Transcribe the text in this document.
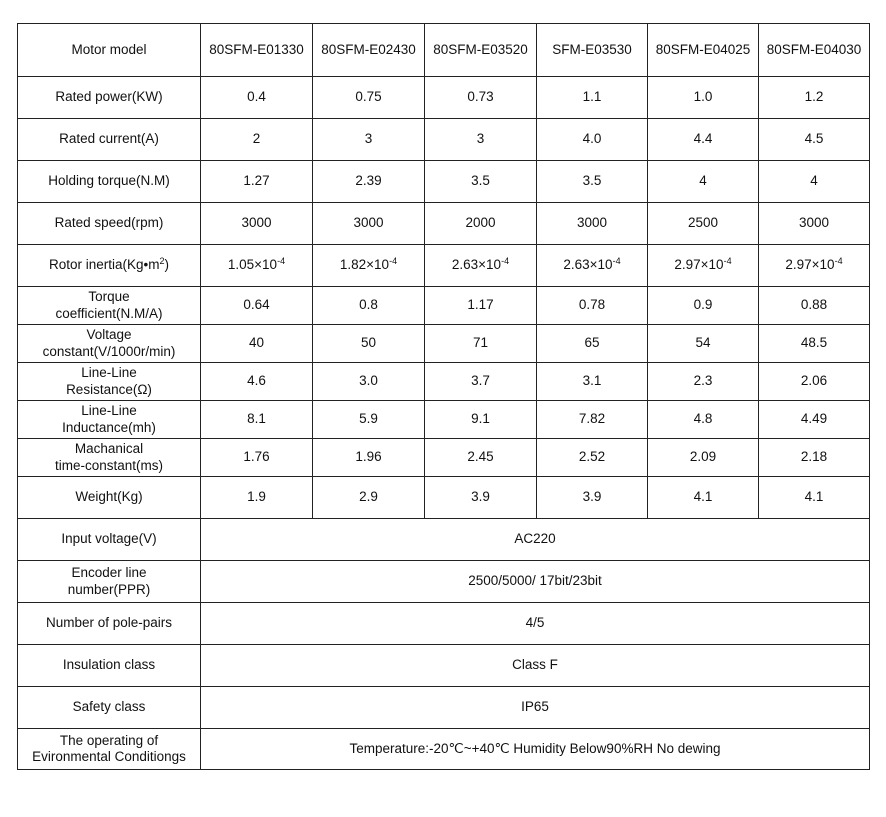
Motor model	80SFM-E01330	80SFM-E02430	80SFM-E03520	SFM-E03530	80SFM-E04025	80SFM-E04030
Rated power(KW)	0.4	0.75	0.73	1.1	1.0	1.2
Rated current(A)	2	3	3	4.0	4.4	4.5
Holding torque(N.M)	1.27	2.39	3.5	3.5	4	4
Rated speed(rpm)	3000	3000	2000	3000	2500	3000
Rotor $inertia(Kg•m^2)$	$1.05\times 10^{-4}$	$1.82\times 10^{-4}$	$2.63\times 10^{-4}$	$2.63\times 10^{-4}$	$2.97\times 10^{-4}$	$2.97\times 10^{-4}$
Torque
coefficient(N.M/A)	0.64	0.8	1.17	0.78	0.9	0.88
Voltage
constant(V/1000r/min)	40	50	71	65	54	48.5
Line-Line
Resistance(Ω)	4.6	3.0	3.7	3.1	2.3	2.06
Line-Line
Inductance(mh)	8.1	5.9	9.1	7.82	4.8	4.49
Machanical
time-constant(ms)	1.76	1.96	2.45	2.52	2.09	2.18
Weight(Kg)	1.9	2.9	3.9	3.9	4.1	4.1
Input voltage(V)	AC220					
Encoder line
number(PPR)	2500/5000/ 17bit/23bit					
Number of pole-pairs	4/5					
Insulation class	Class F					
Safety class	IP65					
The operating of
Evironmental Conditiongs	Temperature:-20℃~+40℃ Humidity Below90%RH No dewing					
